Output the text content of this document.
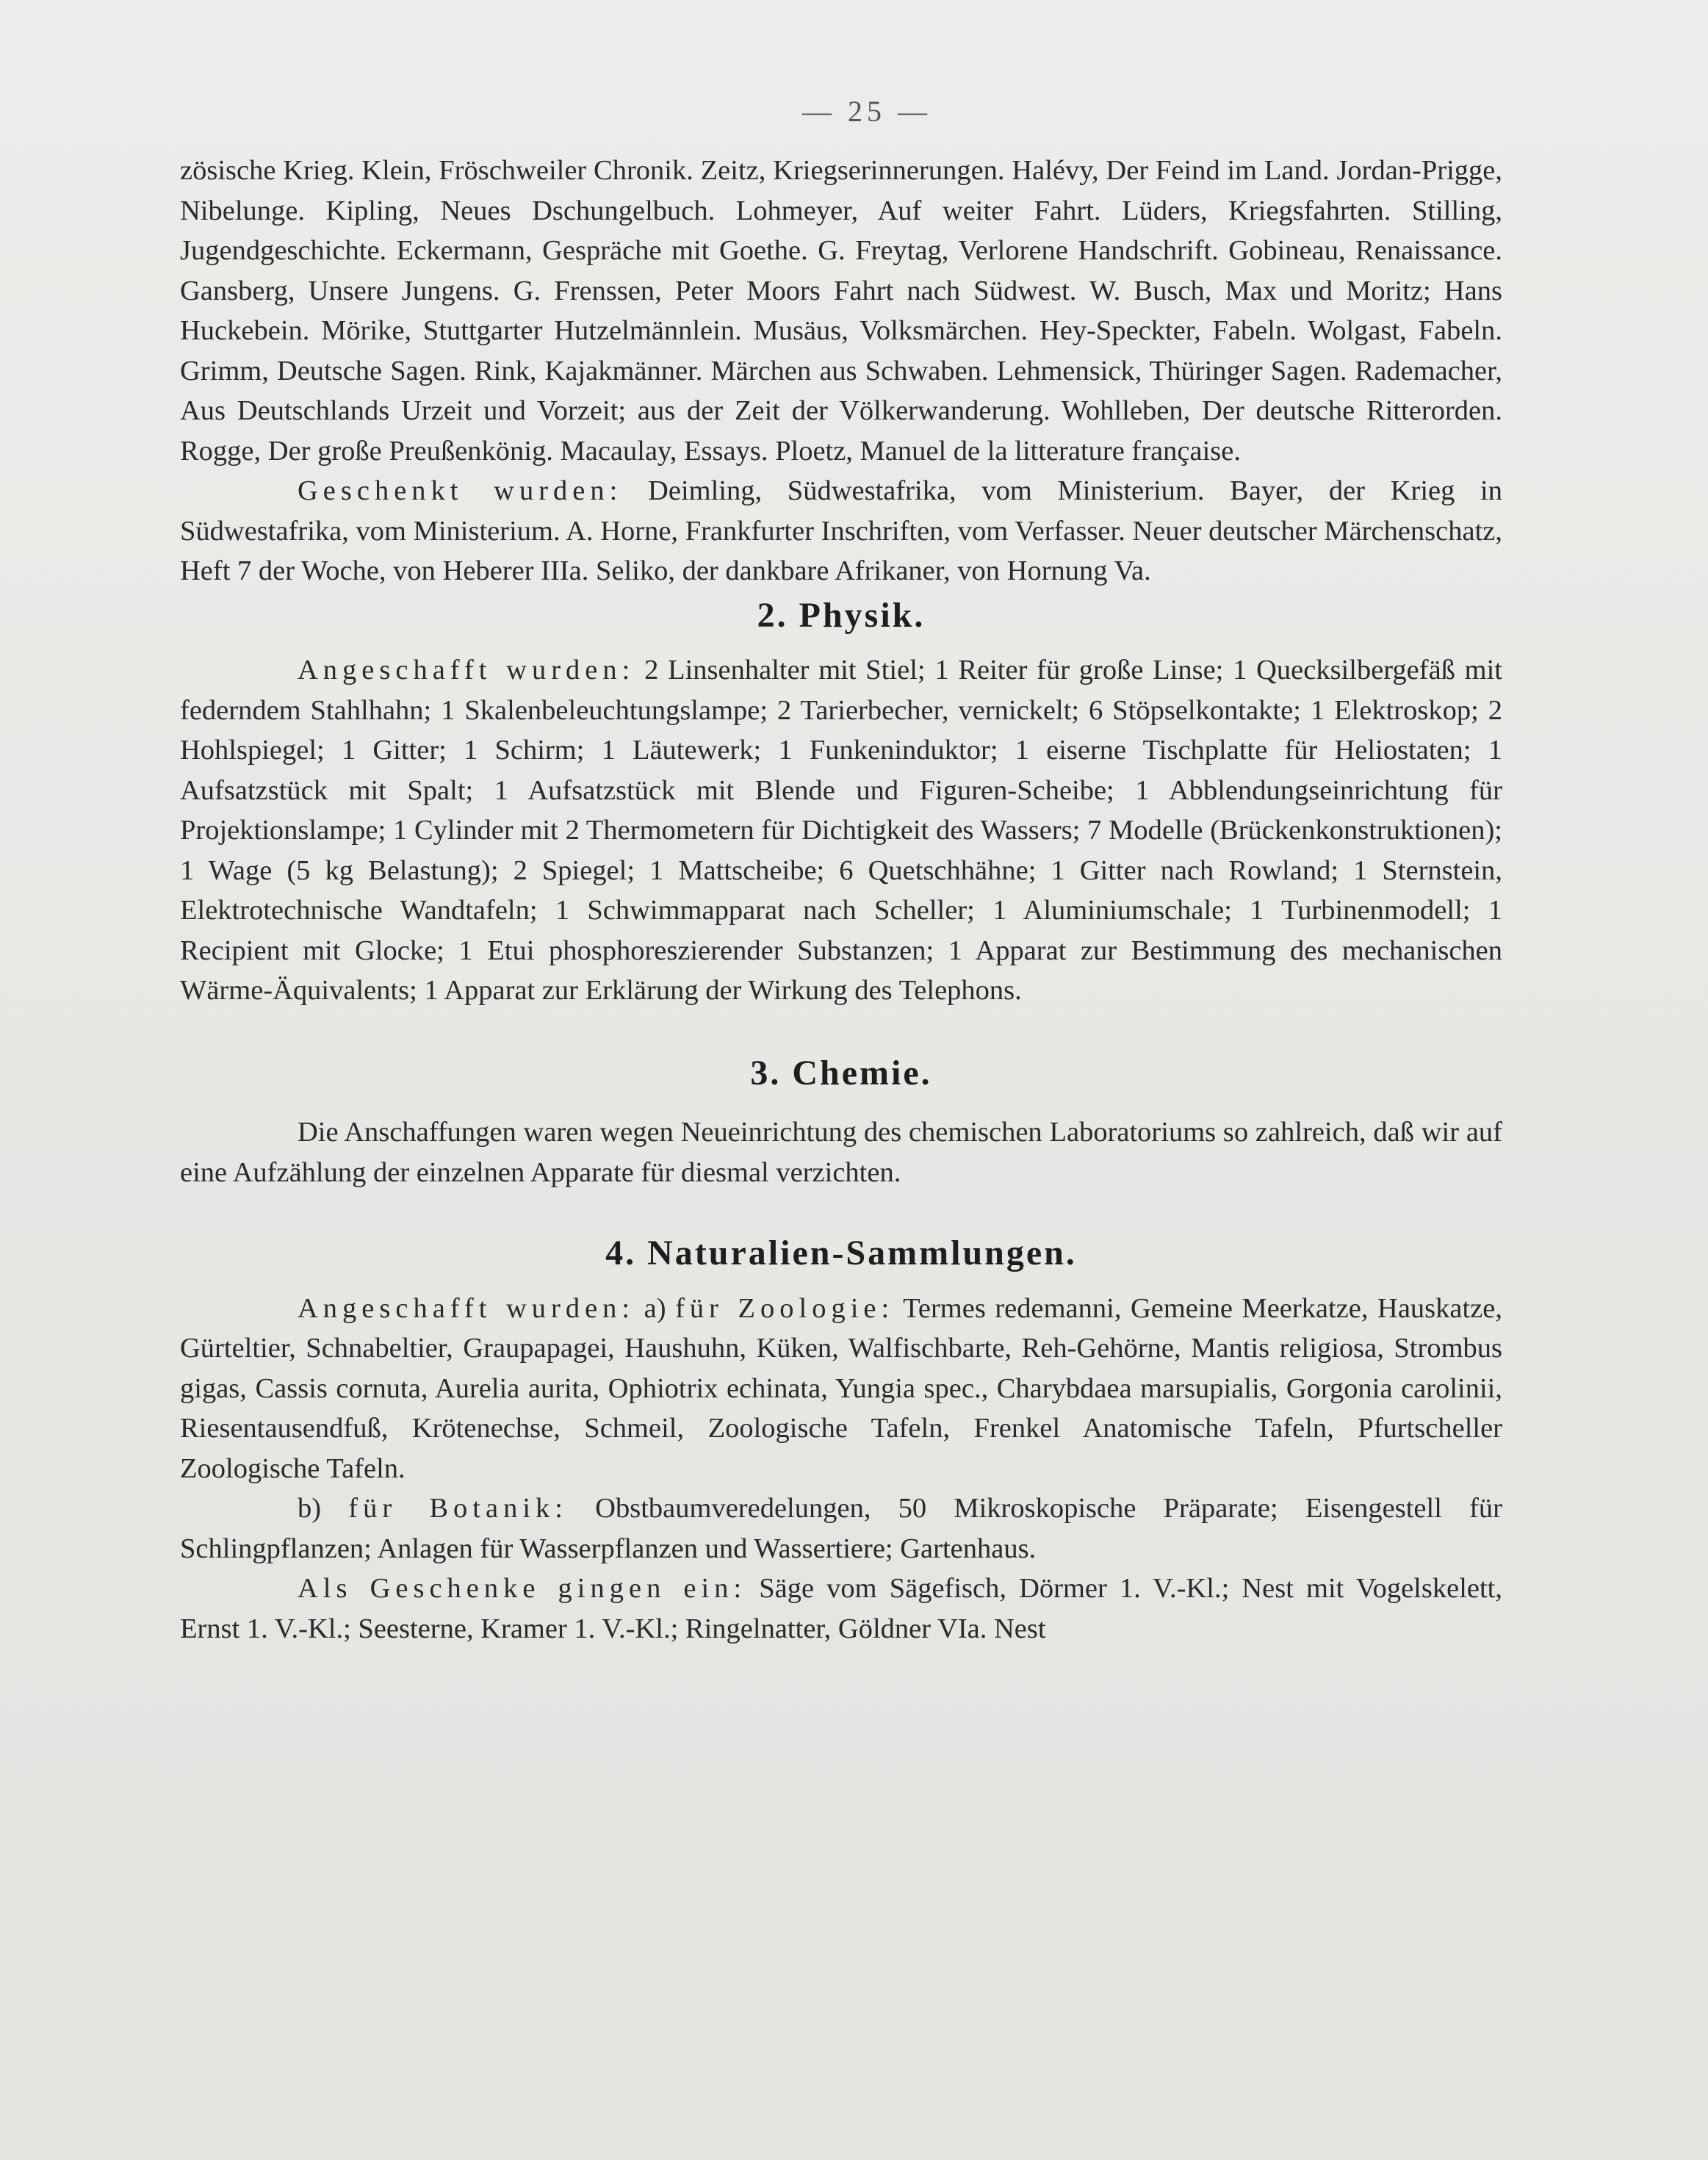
— 25 —

zösische Krieg. Klein, Fröschweiler Chronik. Zeitz, Kriegserinnerungen. Halévy, Der Feind im Land. Jordan-Prigge, Nibelunge. Kipling, Neues Dschungelbuch. Lohmeyer, Auf weiter Fahrt. Lüders, Kriegsfahrten. Stilling, Jugendgeschichte. Eckermann, Gespräche mit Goethe. G. Freytag, Verlorene Handschrift. Gobineau, Renaissance. Gansberg, Unsere Jungens. G. Frenssen, Peter Moors Fahrt nach Südwest. W. Busch, Max und Moritz; Hans Huckebein. Mörike, Stuttgarter Hutzelmännlein. Musäus, Volksmärchen. Hey-Speckter, Fabeln. Wolgast, Fabeln. Grimm, Deutsche Sagen. Rink, Kajakmänner. Märchen aus Schwaben. Lehmensick, Thüringer Sagen. Rademacher, Aus Deutschlands Urzeit und Vorzeit; aus der Zeit der Völkerwanderung. Wohlleben, Der deutsche Ritterorden. Rogge, Der große Preußenkönig. Macaulay, Essays. Ploetz, Manuel de la litterature française.

Geschenkt wurden: Deimling, Südwestafrika, vom Ministerium. Bayer, der Krieg in Südwestafrika, vom Ministerium. A. Horne, Frankfurter Inschriften, vom Verfasser. Neuer deutscher Märchenschatz, Heft 7 der Woche, von Heberer IIIa. Seliko, der dankbare Afrikaner, von Hornung Va.

2. Physik.

Angeschafft wurden: 2 Linsenhalter mit Stiel; 1 Reiter für große Linse; 1 Quecksilbergefäß mit federndem Stahlhahn; 1 Skalenbeleuchtungslampe; 2 Tarierbecher, vernickelt; 6 Stöpselkontakte; 1 Elektroskop; 2 Hohlspiegel; 1 Gitter; 1 Schirm; 1 Läutewerk; 1 Funkeninduktor; 1 eiserne Tischplatte für Heliostaten; 1 Aufsatzstück mit Spalt; 1 Aufsatzstück mit Blende und Figuren-Scheibe; 1 Abblendungseinrichtung für Projektionslampe; 1 Cylinder mit 2 Thermometern für Dichtigkeit des Wassers; 7 Modelle (Brückenkonstruktionen); 1 Wage (5 kg Belastung); 2 Spiegel; 1 Mattscheibe; 6 Quetschhähne; 1 Gitter nach Rowland; 1 Sternstein, Elektrotechnische Wandtafeln; 1 Schwimmapparat nach Scheller; 1 Aluminiumschale; 1 Turbinenmodell; 1 Recipient mit Glocke; 1 Etui phosphoreszierender Substanzen; 1 Apparat zur Bestimmung des mechanischen Wärme-Äquivalents; 1 Apparat zur Erklärung der Wirkung des Telephons.

3. Chemie.

Die Anschaffungen waren wegen Neueinrichtung des chemischen Laboratoriums so zahlreich, daß wir auf eine Aufzählung der einzelnen Apparate für diesmal verzichten.

4. Naturalien-Sammlungen.

Angeschafft wurden: a) für Zoologie: Termes redemanni, Gemeine Meerkatze, Hauskatze, Gürteltier, Schnabeltier, Graupapagei, Haushuhn, Küken, Walfischbarte, Reh-Gehörne, Mantis religiosa, Strombus gigas, Cassis cornuta, Aurelia aurita, Ophiotrix echinata, Yungia spec., Charybdaea marsupialis, Gorgonia carolinii, Riesentausendfuß, Krötenechse, Schmeil, Zoologische Tafeln, Frenkel Anatomische Tafeln, Pfurtscheller Zoologische Tafeln.

b) für Botanik: Obstbaumveredelungen, 50 Mikroskopische Präparate; Eisengestell für Schlingpflanzen; Anlagen für Wasserpflanzen und Wassertiere; Gartenhaus.

Als Geschenke gingen ein: Säge vom Sägefisch, Dörmer 1. V.-Kl.; Nest mit Vogelskelett, Ernst 1. V.-Kl.; Seesterne, Kramer 1. V.-Kl.; Ringelnatter, Göldner VIa. Nest
